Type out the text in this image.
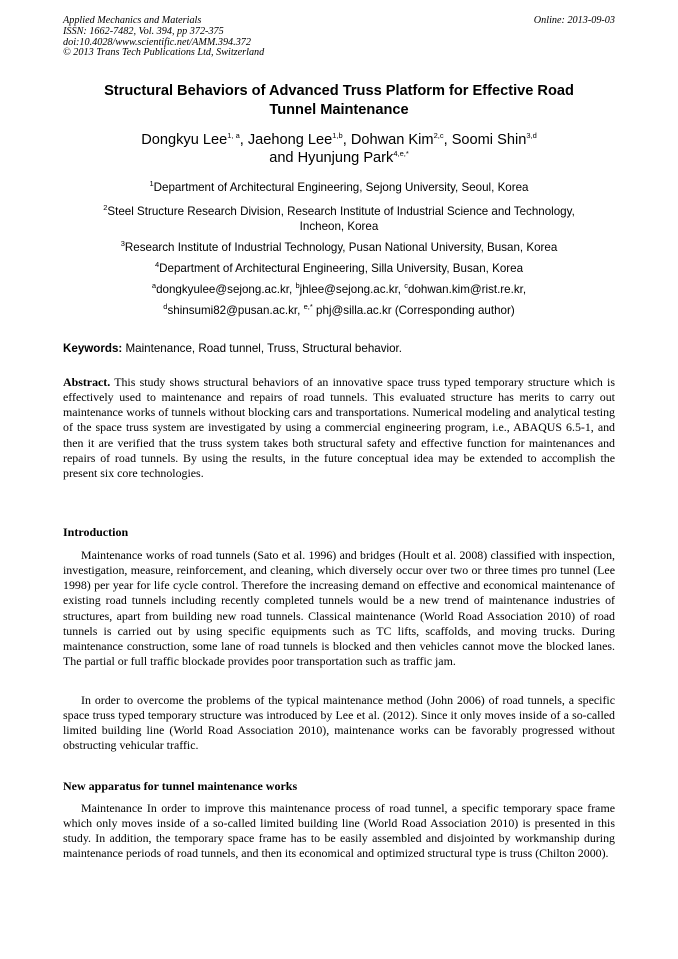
Applied Mechanics and Materials
ISSN: 1662-7482, Vol. 394, pp 372-375
doi:10.4028/www.scientific.net/AMM.394.372
© 2013 Trans Tech Publications Ltd, Switzerland
Online: 2013-09-03
Structural Behaviors of Advanced Truss Platform for Effective Road
Tunnel Maintenance
Dongkyu Lee$^{1, a}$, Jaehong Lee$^{1,b}$, Dohwan Kim$^{2,c}$, Soomi Shin$^{3,d}$
and Hyunjung Park$^{4,e,*}$
$^1$Department of Architectural Engineering, Sejong University, Seoul, Korea
$^2$Steel Structure Research Division, Research Institute of Industrial Science and Technology,
Incheon, Korea
$^3$Research Institute of Industrial Technology, Pusan National University, Busan, Korea
$^4$Department of Architectural Engineering, Silla University, Busan, Korea
$^a$dongkyulee@sejong.ac.kr, $^b$jhlee@sejong.ac.kr, $^c$dohwan.kim@rist.re.kr,
$^d$shinsumi82@pusan.ac.kr, $^{e,*}$ phj@silla.ac.kr (Corresponding author)
Keywords: Maintenance, Road tunnel, Truss, Structural behavior.

Abstract. This study shows structural behaviors of an innovative space truss typed temporary structure which is effectively used to maintenance and repairs of road tunnels. This evaluated structure has merits to carry out maintenance works of tunnels without blocking cars and transportations. Numerical modeling and analytical testing of the space truss system are investigated by using a commercial engineering program, i.e., ABAQUS 6.5-1, and then it are verified that the truss system takes both structural safety and effective function for maintenances and repairs of road tunnels. By using the results, in the future conceptual idea may be extended to accomplish the present six core technologies.

Introduction

Maintenance works of road tunnels (Sato et al. 1996) and bridges (Hoult et al. 2008) classified with inspection, investigation, measure, reinforcement, and cleaning, which diversely occur over two or three times pro tunnel (Lee 1998) per year for life cycle control. Therefore the increasing demand on effective and economical maintenance of existing road tunnels including recently completed tunnels would be a new trend of maintenance industries of structures, apart from building new road tunnels. Classical maintenance (World Road Association 2010) of road tunnels is carried out by using specific equipments such as TC lifts, scaffolds, and moving trucks. During maintenance construction, some lane of road tunnels is blocked and then vehicles cannot move the blocked lanes. The partial or full traffic blockade provides poor transportation such as traffic jam.

In order to overcome the problems of the typical maintenance method (John 2006) of road tunnels, a specific space truss typed temporary structure was introduced by Lee et al. (2012). Since it only moves inside of a so-called limited building line (World Road Association 2010), maintenance works can be favorably progressed without obstructing vehicular traffic.

New apparatus for tunnel maintenance works

Maintenance In order to improve this maintenance process of road tunnel, a specific temporary space frame which only moves inside of a so-called limited building line (World Road Association 2010) is presented in this study. In addition, the temporary space frame has to be easily assembled and disjointed by workmanship during maintenance periods of road tunnels, and then its economical and optimized structural type is truss (Chilton 2000).
